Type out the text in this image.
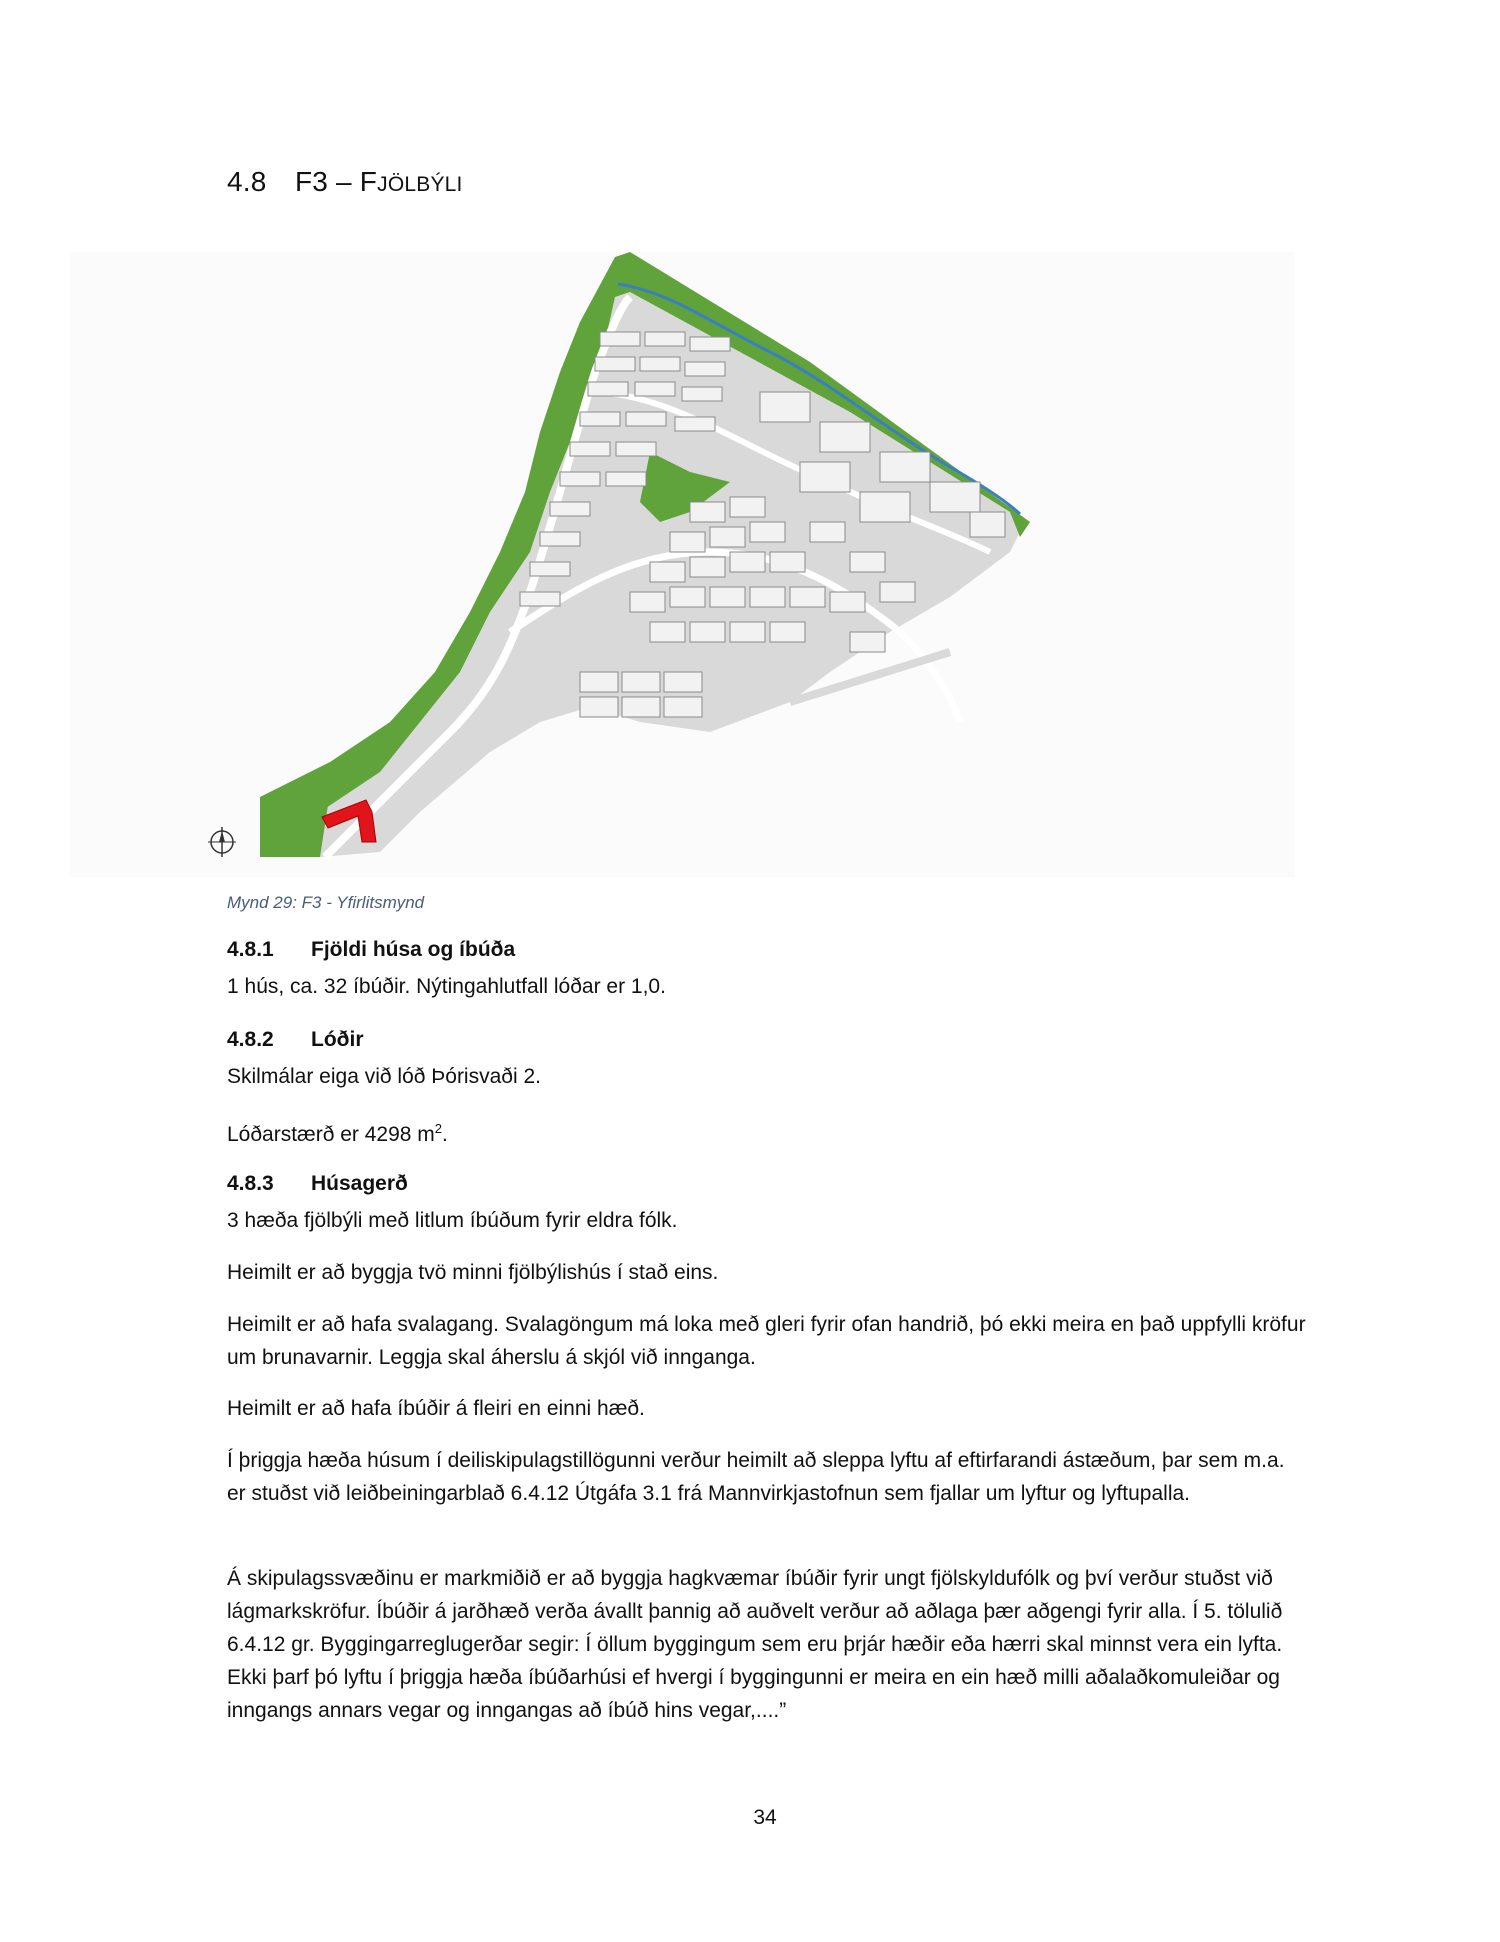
4.8 F3 – FJÖLBÝLI
Mynd 29: F3 - Yfirlitsmynd
4.8.1 Fjöldi húsa og íbúða
1 hús, ca. 32 íbúðir. Nýtingahlutfall lóðar er 1,0.
4.8.2 Lóðir
Skilmálar eiga við lóð Þórisvaði 2.
Lóðarstærð er 4298 $m^2$.
4.8.3 Húsagerð
3 hæða fjölbýli með litlum íbúðum fyrir eldra fólk.
Heimilt er að byggja tvö minni fjölbýlishús í stað eins.
Heimilt er að hafa svalagang. Svalagöngum má loka með gleri fyrir ofan handrið, þó ekki meira en það uppfylli kröfur um brunavarnir. Leggja skal áherslu á skjól við innganga.
Heimilt er að hafa íbúðir á fleiri en einni hæð.
Í þriggja hæða húsum í deiliskipulagstillögunni verður heimilt að sleppa lyftu af eftirfarandi ástæðum, þar sem m.a. er stuðst við leiðbeiningarblað 6.4.12 Útgáfa 3.1 frá Mannvirkjastofnun sem fjallar um lyftur og lyftupalla.
Á skipulagssvæðinu er markmiðið er að byggja hagkvæmar íbúðir fyrir ungt fjölskyldufólk og því verður stuðst við lágmarkskröfur. Íbúðir á jarðhæð verða ávallt þannig að auðvelt verður að aðlaga þær aðgengi fyrir alla. Í 5. tölulið 6.4.12 gr. Byggingarreglugerðar segir: Í öllum byggingum sem eru þrjár hæðir eða hærri skal minnst vera ein lyfta. Ekki þarf þó lyftu í þriggja hæða íbúðarhúsi ef hvergi í byggingunni er meira en ein hæð milli aðalaðkomuleiðar og inngangs annars vegar og inngangas að íbúð hins vegar,....”
34
